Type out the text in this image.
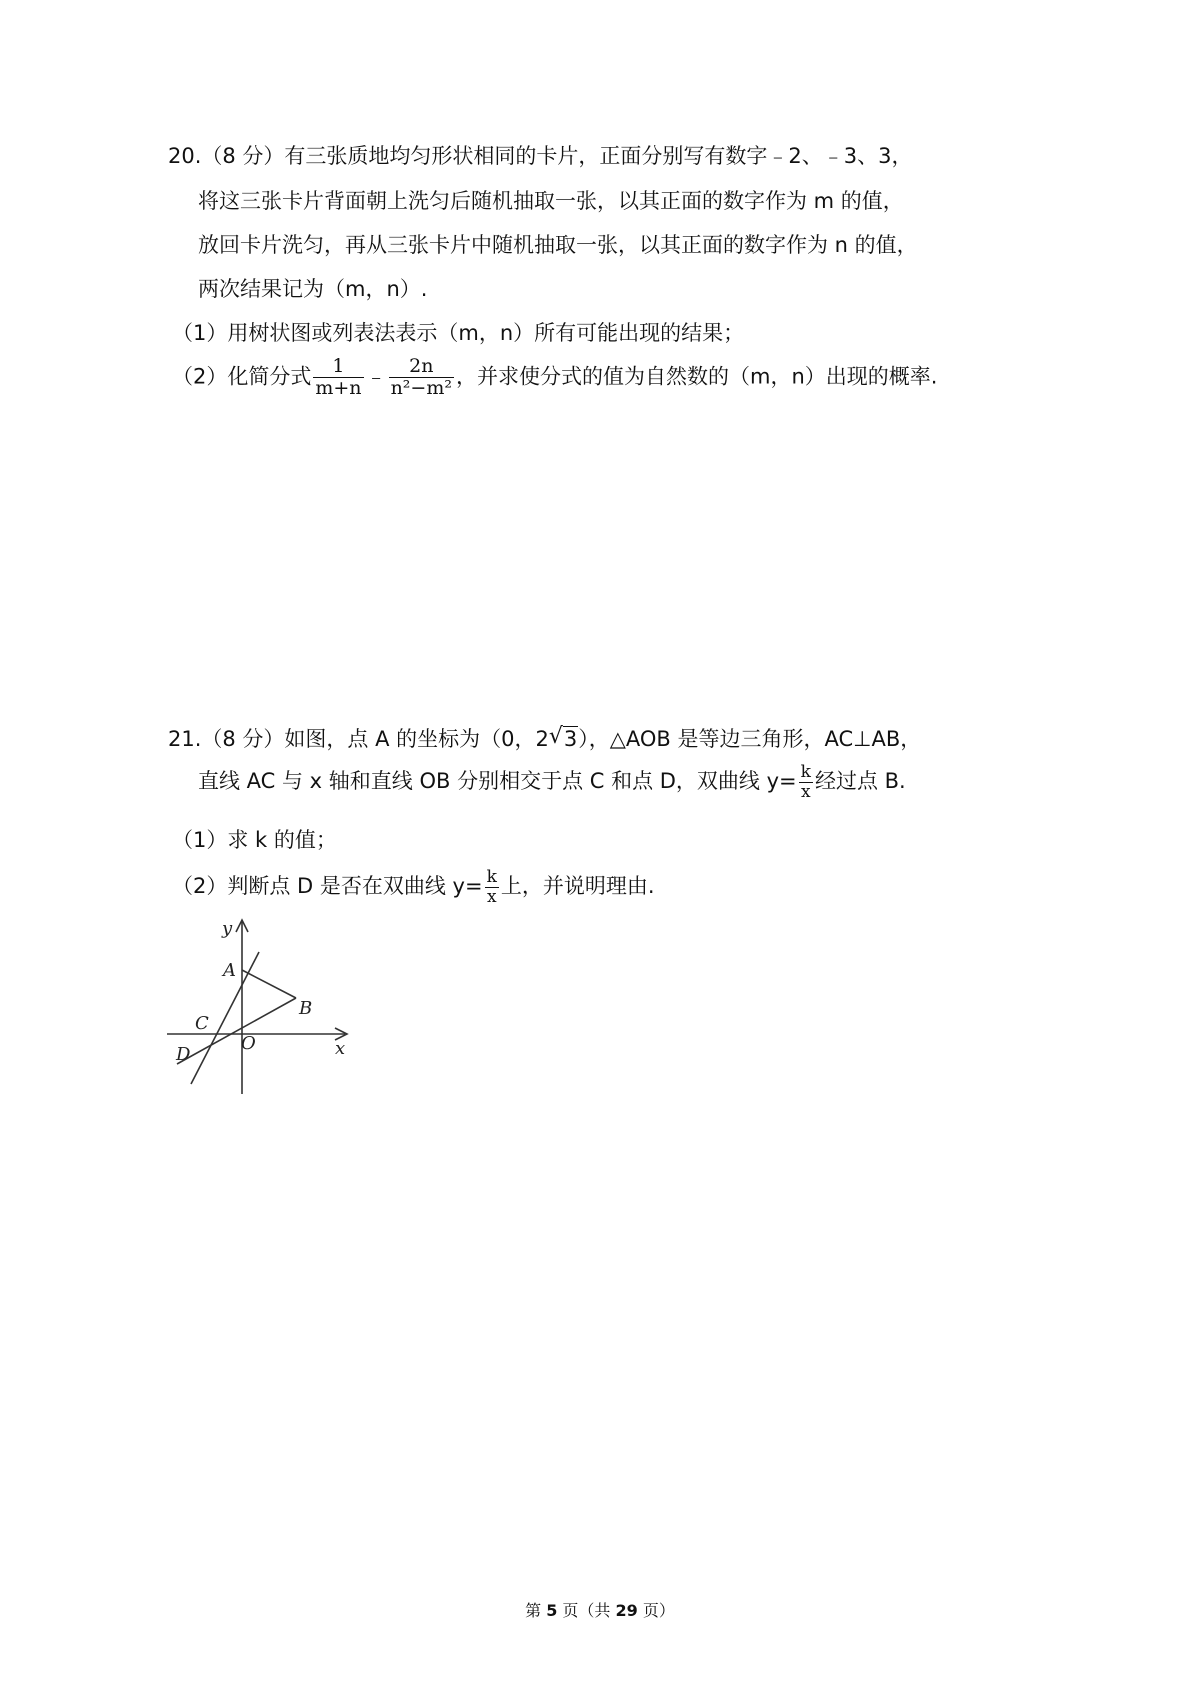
20.（8 分）有三张质地均匀形状相同的卡片，正面分别写有数字﹣2、﹣3、3，
将这三张卡片背面朝上洗匀后随机抽取一张，以其正面的数字作为 m 的值，
放回卡片洗匀，再从三张卡片中随机抽取一张，以其正面的数字作为 n 的值，
两次结果记为（m，n）.
（1）用树状图或列表法表示（m，n）所有可能出现的结果；
（2）化简分式 $\frac{1}{m+n}$ ﹣ $\frac{2n}{\text{n²−m²}}$ ，并求使分式的值为自然数的（m，n）出现的概率.
21.（8 分）如图，点 A 的坐标为（0，2 √ 3），△AOB 是等边三角形，AC⊥AB，
直线 AC 与 x 轴和直线 OB 分别相交于点 C 和点 D，双曲线 $y= \frac{k}{x}$ 经过点 B.
（1）求 k 的值；
（2）判断点 D 是否在双曲线 $y= \frac{k}{x}$ 上，并说明理由.
y
x
A
B
C
D
O
第 5 页（共 29 页）
